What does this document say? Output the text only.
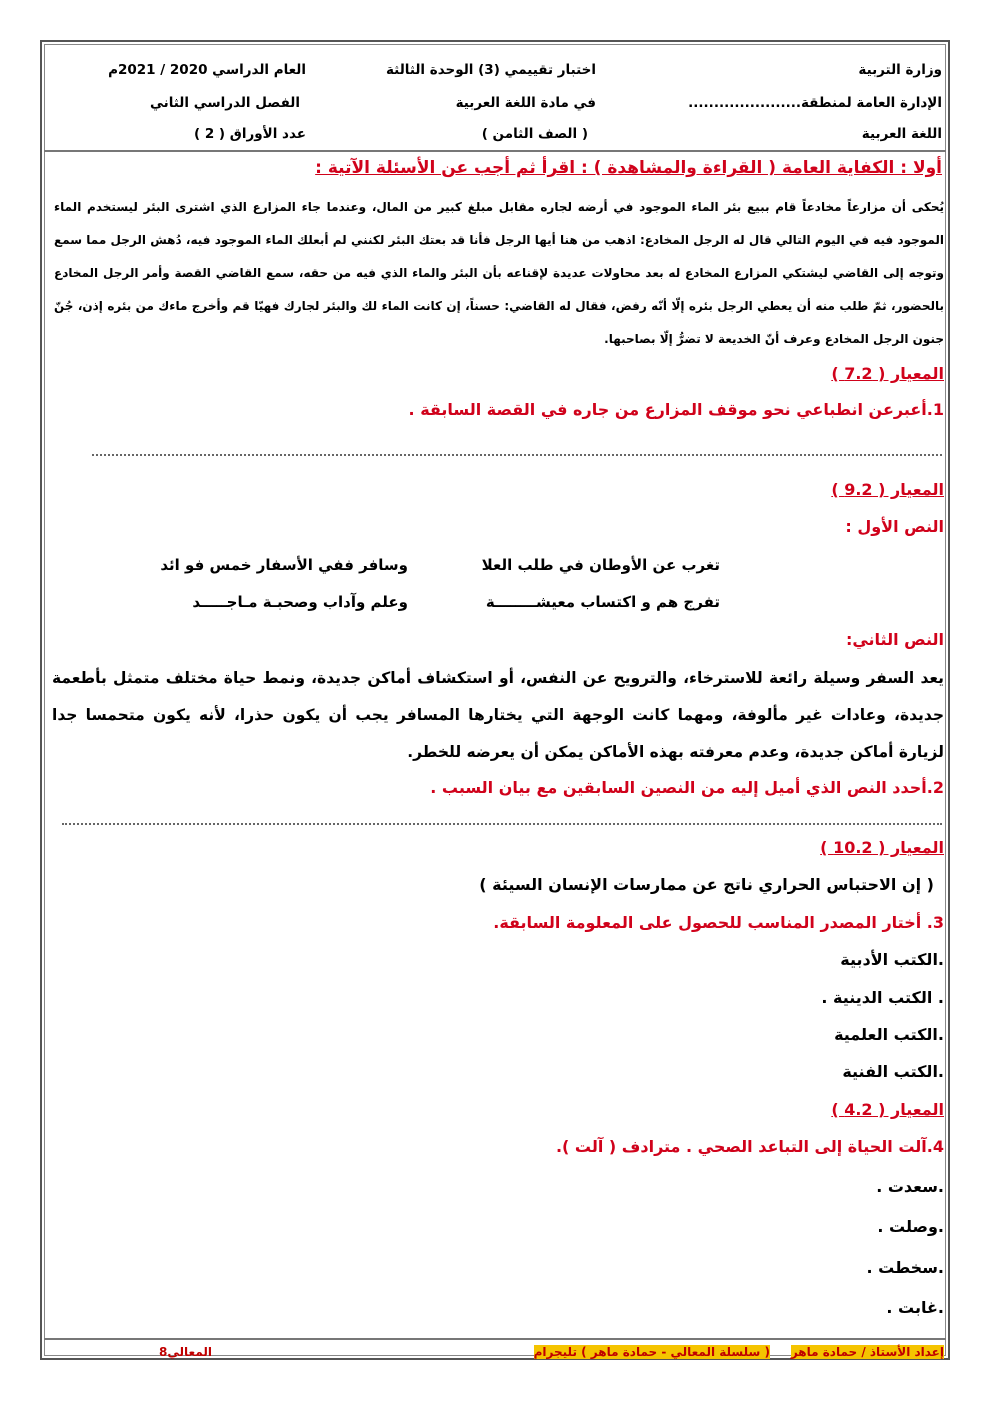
وزارة التربية
الإدارة العامة لمنطقة......................
اللغة العربية
اختبار تقييمي (3) الوحدة الثالثة
في مادة اللغة العربية
( الصف الثامن )
العام الدراسي 2020 / 2021م
الفصل الدراسي الثاني
عدد الأوراق ( 2 )
أولا : الكفاية العامة ( القراءة والمشاهدة ) : اقرأ ثم أجب عن الأسئلة الآتية :
يُحكى أن مزارعاً مخادعاً قام ببيع بئر الماء الموجود في أرضه لجاره مقابل مبلغ كبير من المال، وعندما جاء المزارع الذي اشترى البئر ليستخدم الماء الموجود فيه في اليوم التالي قال له الرجل المخادع: اذهب من هنا أيها الرجل فأنا قد بعتك البئر لكنني لم أبعلك الماء الموجود فيه، دُهش الرجل مما سمع وتوجه إلى القاضي ليشتكي المزارع المخادع له بعد محاولات عديدة لإقناعه بأن البئر والماء الذي فيه من حقه، سمع القاضي القصة وأمر الرجل المخادع بالحضور، ثمّ طلب منه أن يعطي الرجل بئره إلّا أنّه رفض، فقال له القاضي: حسناً، إن كانت الماء لك والبئر لجارك فهيّا قم وأخرج ماءك من بئره إذن، جُنّ جنون الرجل المخادع وعرف أنّ الخديعة لا تضرُّ إلّا بصاحبها.
المعيار ( 7.2 )
1.أعبرعن انطباعي نحو موقف المزارع من جاره في القصة السابقة .
المعيار ( 9.2 )
النص الأول :
تغرب عن الأوطان في طلب العلا
وسافر ففي الأسفار خمس فو ائد
تفرج هم و اكتساب معيشــــــــة
وعلم وآداب وصحبـة مـاجـــــد
النص الثاني:
يعد السفر وسيلة رائعة للاسترخاء، والترويح عن النفس، أو استكشاف أماكن جديدة، ونمط حياة مختلف متمثل بأطعمة جديدة، وعادات غير مألوفة، ومهما كانت الوجهة التي يختارها المسافر يجب أن يكون حذرا، لأنه يكون متحمسا جدا لزيارة أماكن جديدة، وعدم معرفته بهذه الأماكن يمكن أن يعرضه للخطر.
2.أحدد النص الذي أميل إليه من النصين السابقين مع بيان السبب .
المعيار ( 10.2 )
( إن الاحتباس الحراري ناتج عن ممارسات الإنسان السيئة )
3. أختار المصدر المناسب للحصول على المعلومة السابقة.
.الكتب الأدبية
. الكتب الدينية .
.الكتب العلمية
.الكتب الفنية
المعيار ( 4.2 )
4.آلت الحياة إلى التباعد الصحي . مترادف ( آلت ).
.سعدت .
.وصلت .
.سخطت .
.غابت .
إعداد الأستاذ / حمادة ماهر
( سلسلة المعالي - حمادة ماهر ) تليجرام
المعالي8
